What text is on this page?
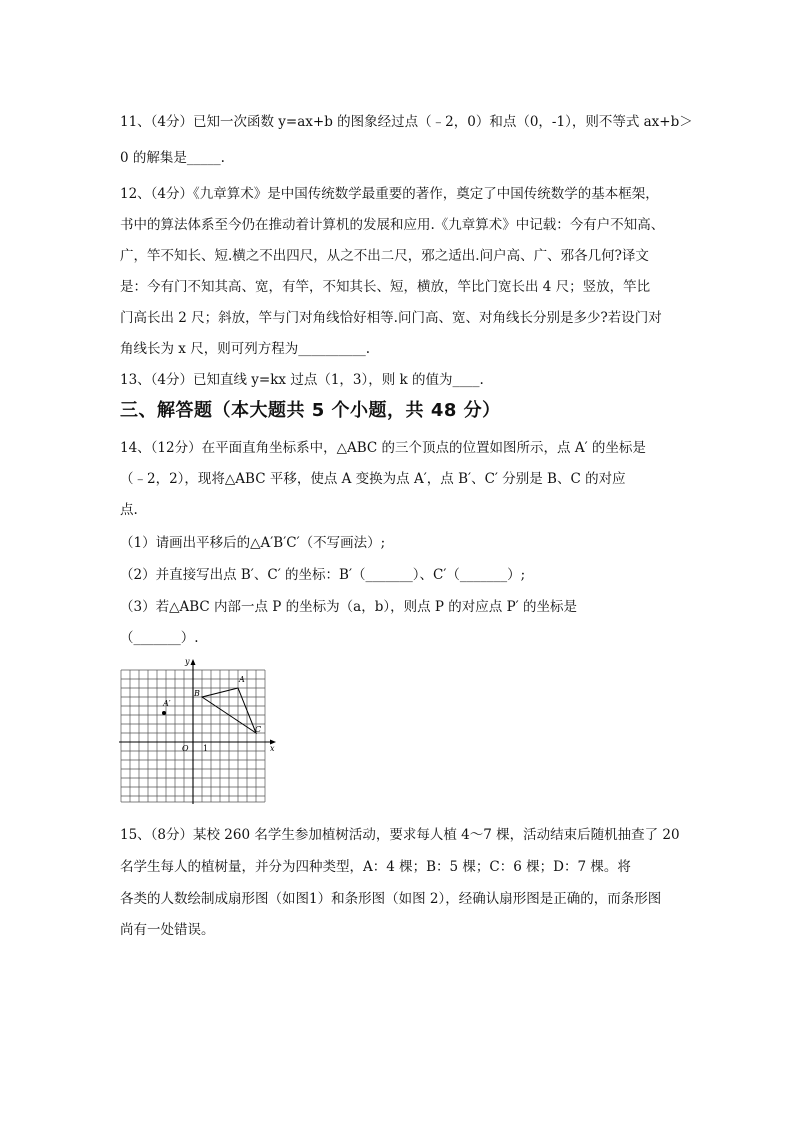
11、（4分）已知一次函数 y=ax+b 的图象经过点（﹣2，0）和点（0，-1），则不等式 ax+b＞
0 的解集是_____.
12、（4分）《九章算术》是中国传统数学最重要的著作，奠定了中国传统数学的基本框架，
书中的算法体系至今仍在推动着计算机的发展和应用.《九章算术》中记载：今有户不知高、
广，竿不知长、短.横之不出四尺，从之不出二尺，邪之适出.问户高、广、邪各几何?译文
是：今有门不知其高、宽，有竿，不知其长、短，横放，竿比门宽长出 4 尺；竖放，竿比
门高长出 2 尺；斜放，竿与门对角线恰好相等.问门高、宽、对角线长分别是多少?若设门对
角线长为 x 尺，则可列方程为__________.
13、（4分）已知直线 y=kx 过点（1，3），则 k 的值为____.
三、解答题（本大题共 5 个小题，共 48 分）
14、（12分）在平面直角坐标系中，△ABC 的三个顶点的位置如图所示，点 A′ 的坐标是
（﹣2，2），现将△ABC 平移，使点 A 变换为点 A′，点 B′、C′ 分别是 B、C 的对应
点.
（1）请画出平移后的△A′B′C′（不写画法）;
（2）并直接写出点 B′、C′ 的坐标：B′（_______）、C′（_______）;
（3）若△ABC 内部一点 P 的坐标为（a，b），则点 P 的对应点 P′ 的坐标是
（_______）.
x
y
O 1
A
B
C
A′
15、（8分）某校 260 名学生参加植树活动，要求每人植 4～7 棵，活动结束后随机抽查了 20
名学生每人的植树量，并分为四种类型，A：4 棵；B：5 棵；C：6 棵；D：7 棵。将
各类的人数绘制成扇形图（如图1）和条形图（如图 2），经确认扇形图是正确的，而条形图
尚有一处错误。
